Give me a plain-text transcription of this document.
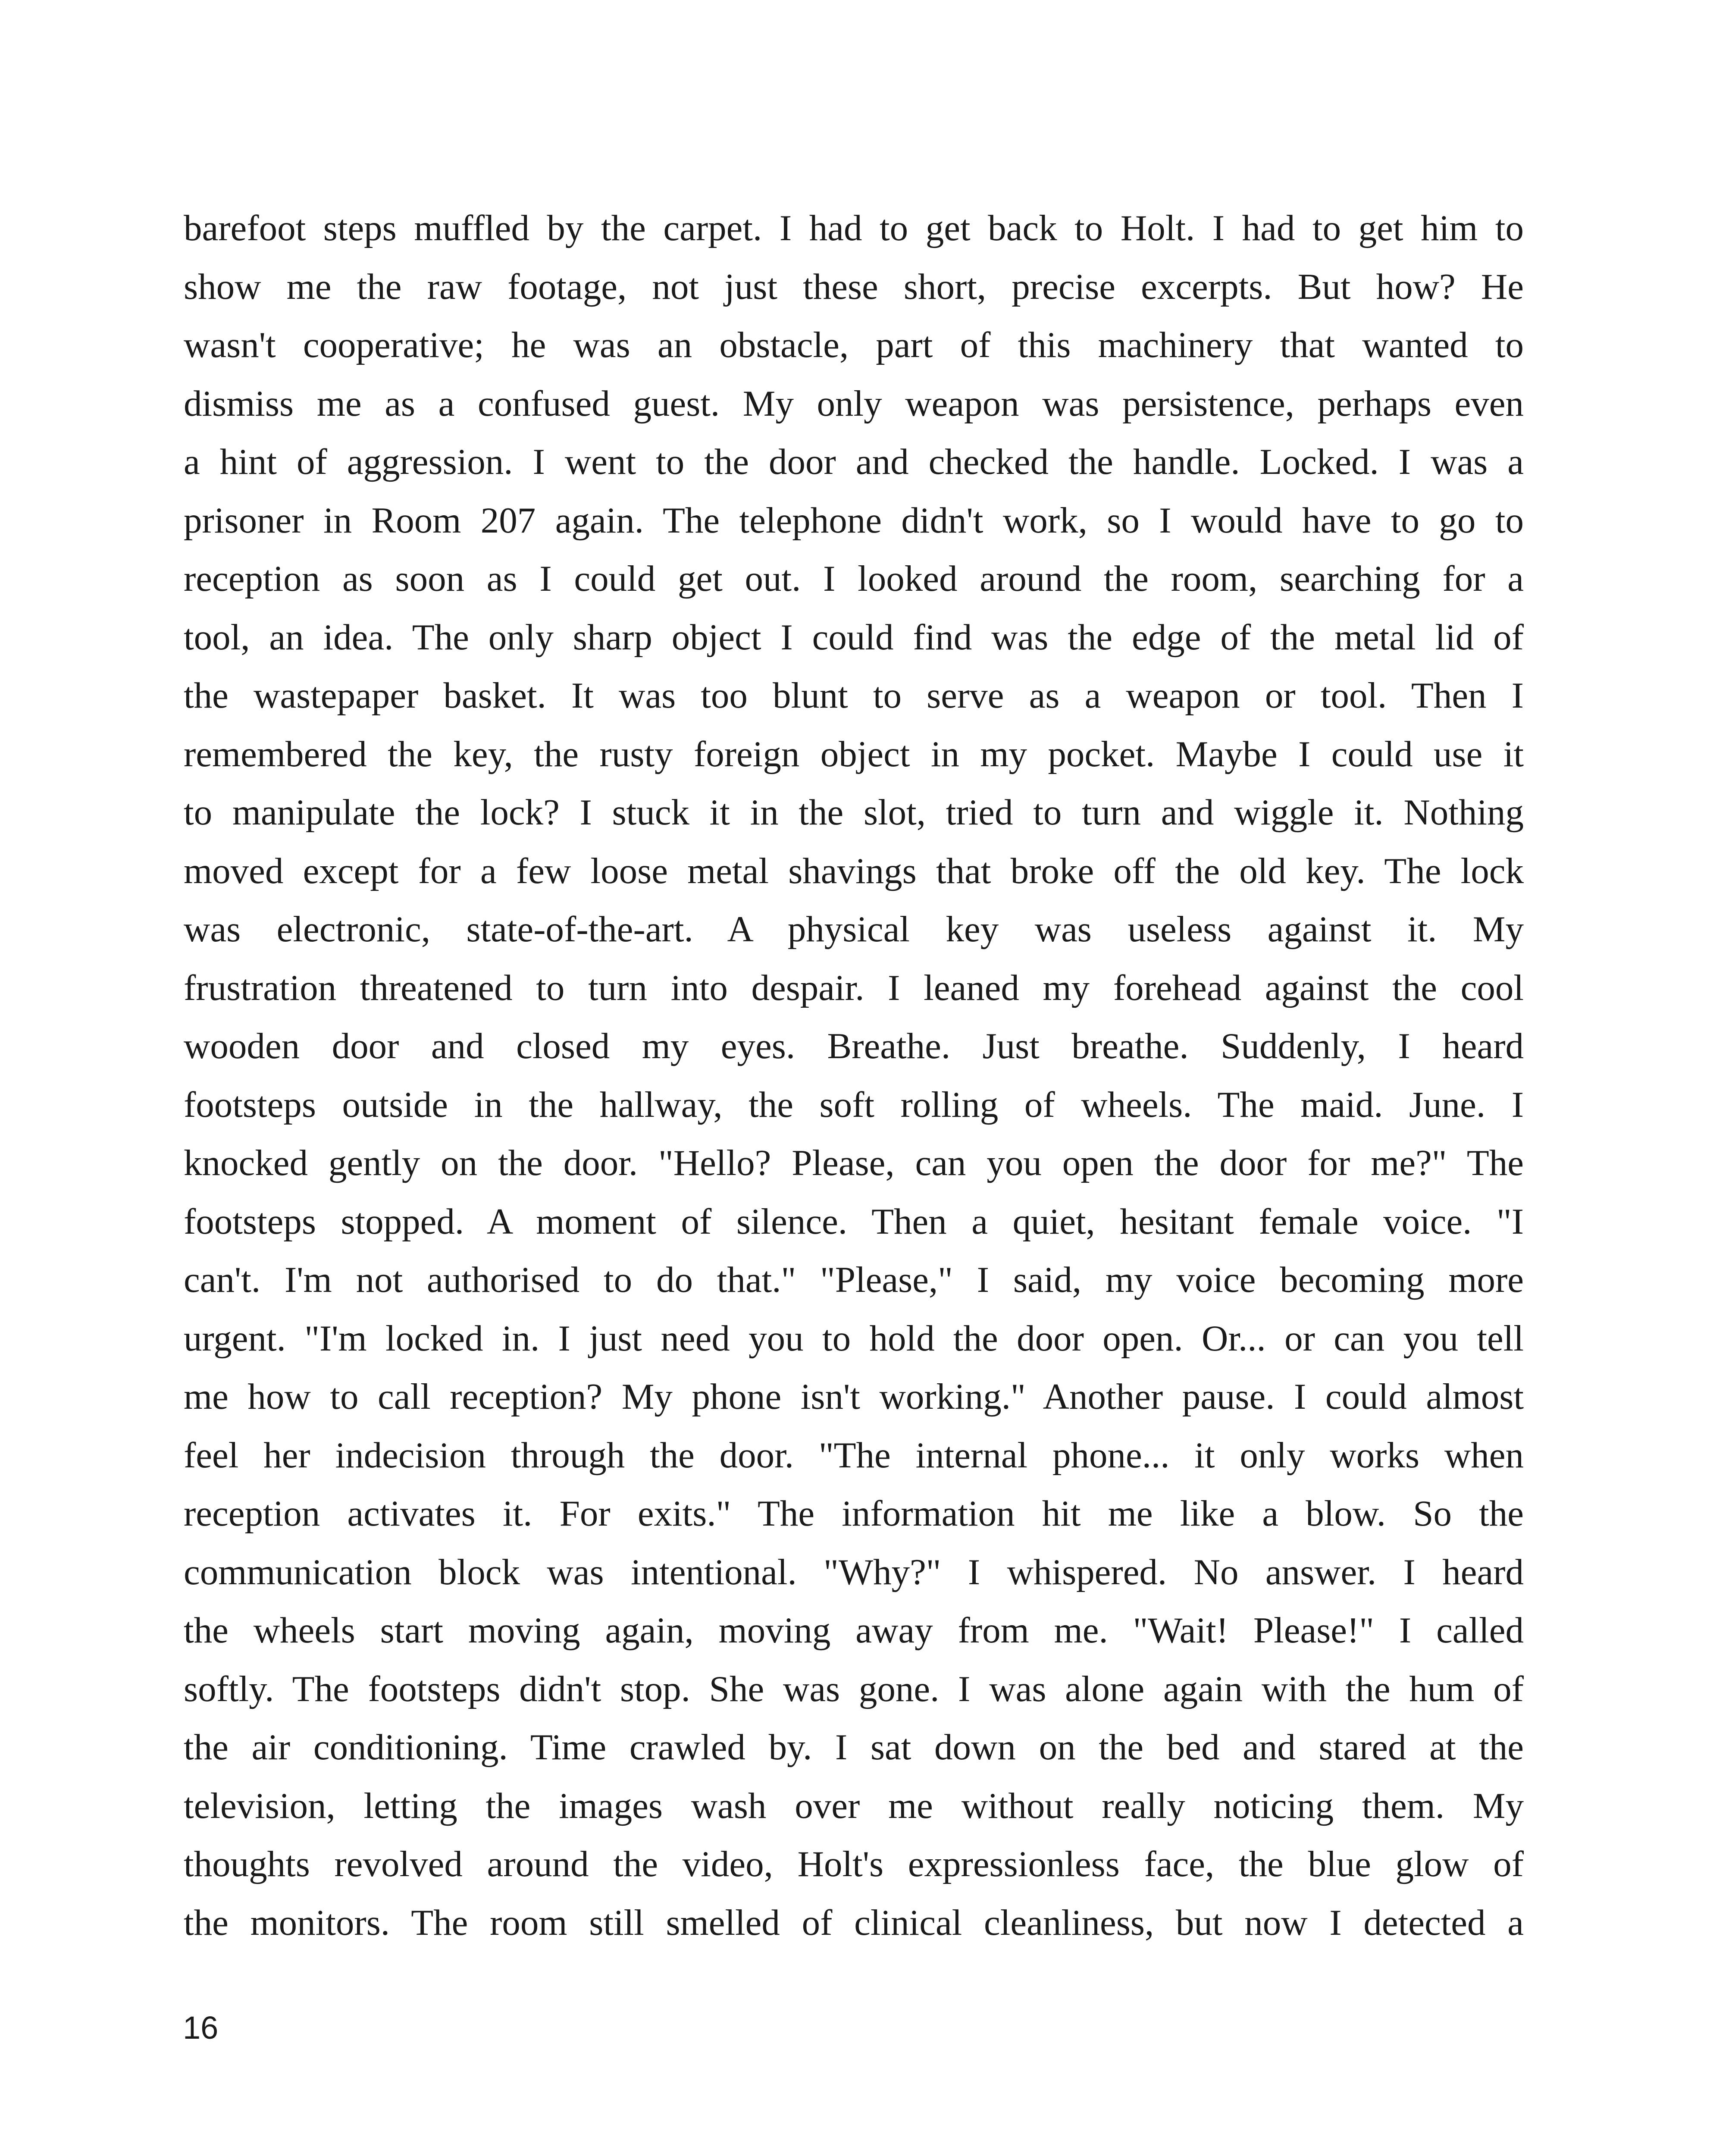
barefoot steps muffled by the carpet. I had to get back to Holt. I had to get him to
show me the raw footage, not just these short, precise excerpts. But how? He
wasn't cooperative; he was an obstacle, part of this machinery that wanted to
dismiss me as a confused guest. My only weapon was persistence, perhaps even
a hint of aggression. I went to the door and checked the handle. Locked. I was a
prisoner in Room 207 again. The telephone didn't work, so I would have to go to
reception as soon as I could get out. I looked around the room, searching for a
tool, an idea. The only sharp object I could find was the edge of the metal lid of
the wastepaper basket. It was too blunt to serve as a weapon or tool. Then I
remembered the key, the rusty foreign object in my pocket. Maybe I could use it
to manipulate the lock? I stuck it in the slot, tried to turn and wiggle it. Nothing
moved except for a few loose metal shavings that broke off the old key. The lock
was electronic, state-of-the-art. A physical key was useless against it. My
frustration threatened to turn into despair. I leaned my forehead against the cool
wooden door and closed my eyes. Breathe. Just breathe. Suddenly, I heard
footsteps outside in the hallway, the soft rolling of wheels. The maid. June. I
knocked gently on the door. "Hello? Please, can you open the door for me?" The
footsteps stopped. A moment of silence. Then a quiet, hesitant female voice. "I
can't. I'm not authorised to do that." "Please," I said, my voice becoming more
urgent. "I'm locked in. I just need you to hold the door open. Or... or can you tell
me how to call reception? My phone isn't working." Another pause. I could almost
feel her indecision through the door. "The internal phone... it only works when
reception activates it. For exits." The information hit me like a blow. So the
communication block was intentional. "Why?" I whispered. No answer. I heard
the wheels start moving again, moving away from me. "Wait! Please!" I called
softly. The footsteps didn't stop. She was gone. I was alone again with the hum of
the air conditioning. Time crawled by. I sat down on the bed and stared at the
television, letting the images wash over me without really noticing them. My
thoughts revolved around the video, Holt's expressionless face, the blue glow of
the monitors. The room still smelled of clinical cleanliness, but now I detected a
16
